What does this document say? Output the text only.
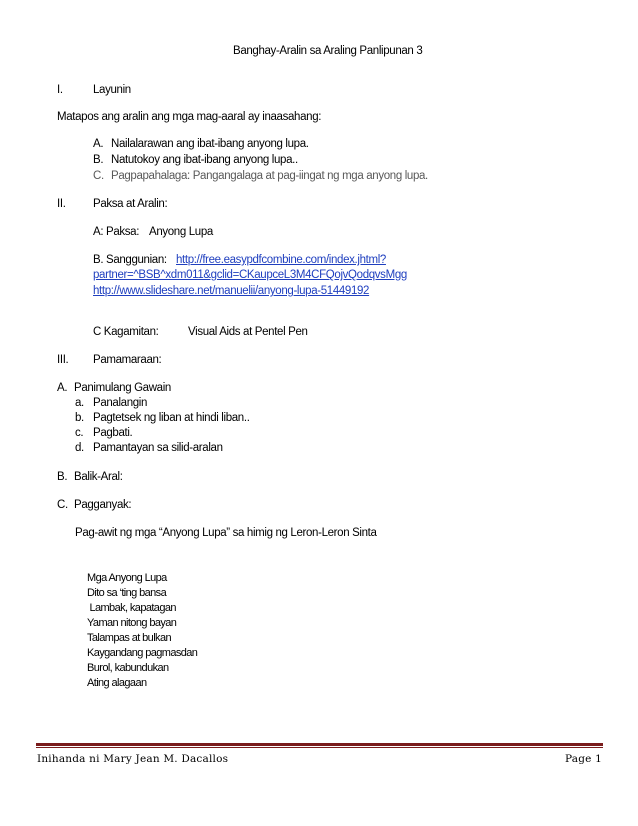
Banghay-Aralin sa Araling Panlipunan 3
I.	Layunin
Matapos ang aralin ang mga mag-aaral ay inaasahang:
A. Nailalarawan ang ibat-ibang anyong lupa.
B. Natutokoy ang ibat-ibang anyong lupa..
C. Pagpapahalaga: Pangangalaga at pag-iingat ng mga anyong lupa.
II. Paksa at Aralin:
A: Paksa: Anyong Lupa
B. Sanggunian: http://free.easypdfcombine.com/index.jhtml?
partner=^BSB^xdm011&gclid=CKaupceL3M4CFQojvQodqvsMgg
http://www.slideshare.net/manuelii/anyong-lupa-51449192
C Kagamitan:	Visual Aids at Pentel Pen
III. Pamamaraan:
A. Panimulang Gawain
a. Panalangin
b. Pagtetsek ng liban at hindi liban..
c. Pagbati.
d. Pamantayan sa silid-aralan
B. Balik-Aral:
C. Pagganyak:
Pag-awit ng mga “Anyong Lupa” sa himig ng Leron-Leron Sinta
Mga Anyong Lupa
Dito sa ‘ting bansa
Lambak, kapatagan
Yaman nitong bayan
Talampas at bulkan
Kaygandang pagmasdan
Burol, kabundukan
Ating alagaan
Inihanda ni Mary Jean M. Dacallos	Page 1
